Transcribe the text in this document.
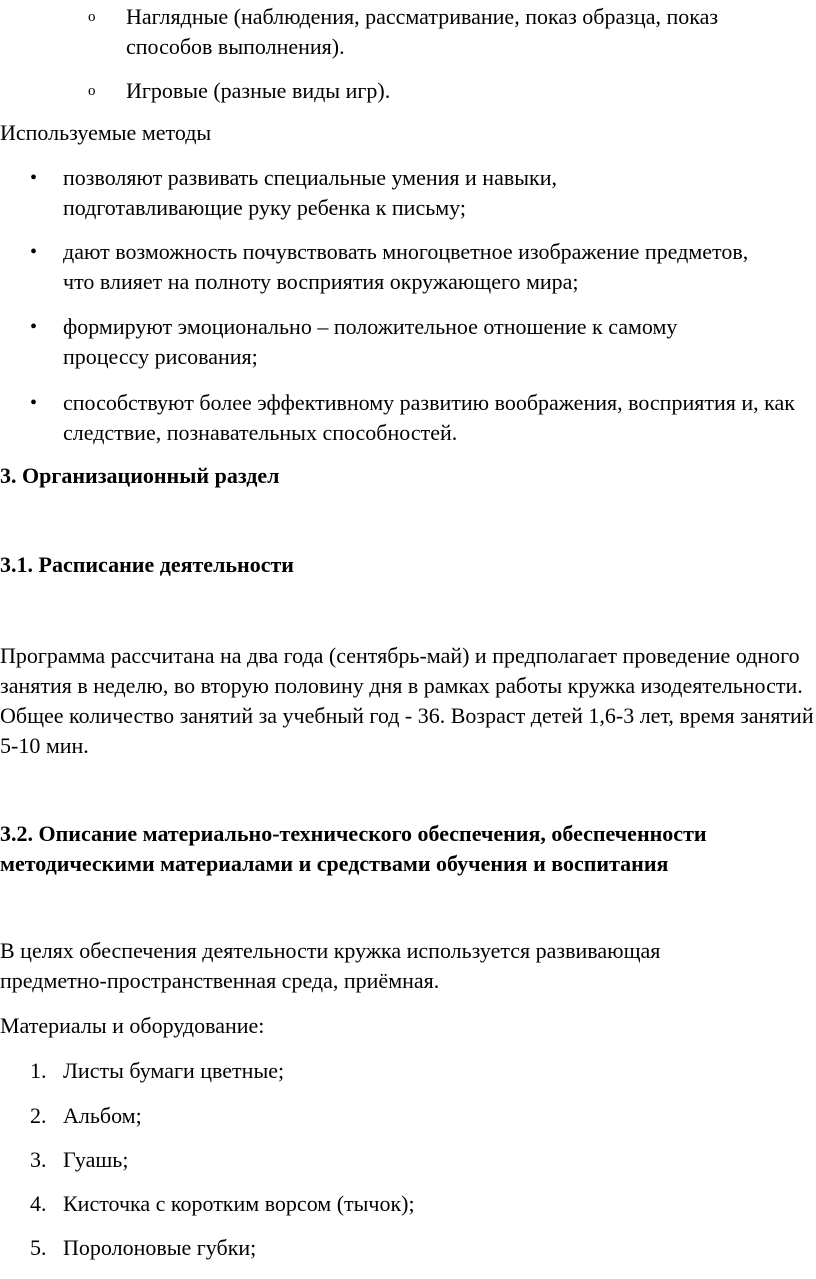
o Наглядные (наблюдения, рассматривание, показ образца, показ способов выполнения).
o Игровые (разные виды игр).

Используемые методы

• позволяют развивать специальные умения и навыки, подготавливающие руку ребенка к письму;
• дают возможность почувствовать многоцветное изображение предметов, что влияет на полноту восприятия окружающего мира;
• формируют эмоционально – положительное отношение к самому процессу рисования;
• способствуют более эффективному развитию воображения, восприятия и, как следствие, познавательных способностей.

3. Организационный раздел

3.1. Расписание деятельности

Программа рассчитана на два года (сентябрь-май) и предполагает проведение одного занятия в неделю, во вторую половину дня в рамках работы кружка изодеятельности. Общее количество занятий за учебный год - 36. Возраст детей 1,6-3 лет, время занятий 5-10 мин.

3.2. Описание материально-технического обеспечения, обеспеченности методическими материалами и средствами обучения и воспитания

В целях обеспечения деятельности кружка используется развивающая предметно-пространственная среда, приёмная.

Материалы и оборудование:

1. Листы бумаги цветные;
2. Альбом;
3. Гуашь;
4. Кисточка с коротким ворсом (тычок);
5. Поролоновые губки;
